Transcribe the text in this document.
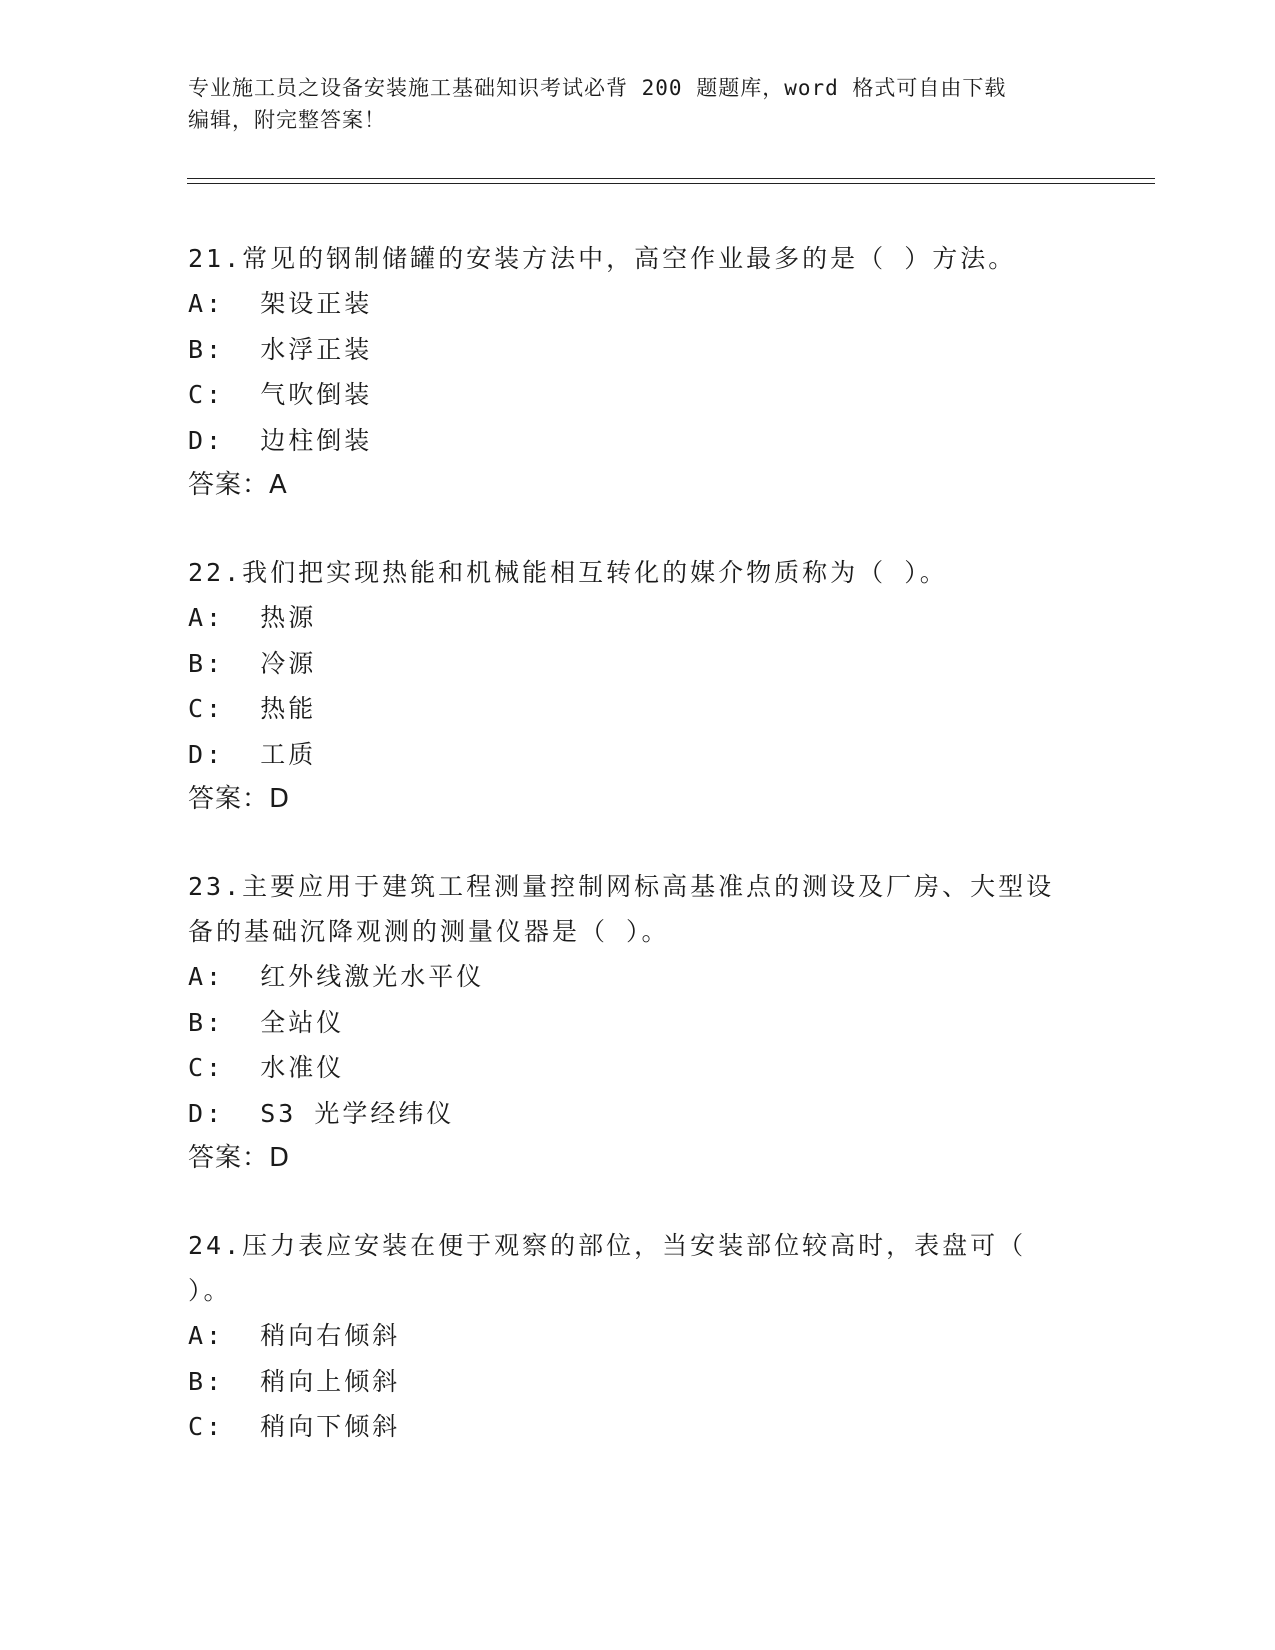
专业施工员之设备安装施工基础知识考试必背 200 题题库，word 格式可自由下载
编辑，附完整答案！
21.常见的钢制储罐的安装方法中，高空作业最多的是（ ）方法。
A:  架设正装
B:  水浮正装
C:  气吹倒装
D:  边柱倒装
答案：A
22.我们把实现热能和机械能相互转化的媒介物质称为（ ）。
A:  热源
B:  冷源
C:  热能
D:  工质
答案：D
23.主要应用于建筑工程测量控制网标高基准点的测设及厂房、大型设
备的基础沉降观测的测量仪器是（ ）。
A:  红外线激光水平仪
B:  全站仪
C:  水准仪
D:  S3 光学经纬仪
答案：D
24.压力表应安装在便于观察的部位，当安装部位较高时，表盘可（
）。
A:  稍向右倾斜
B:  稍向上倾斜
C:  稍向下倾斜
